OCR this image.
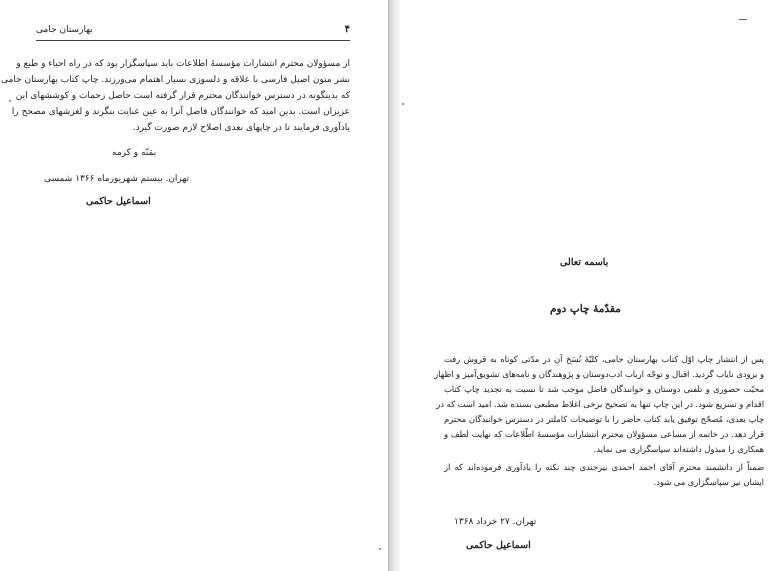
۴
بهارستان جامی
از مسؤولان محترم انتشارات مؤسسهٔ اطلاعات باید سپاسگزار بود که در راه احیاء و طبع و
نشر متون اصیل فارسی با علاقه و دلسوزی بسیار اهتمام می‌ورزند. چاپ کتاب بهارستان جامی
که بدینگونه در دسترس خوانندگان محترم قرار گرفته است حاصل زحمات و کوششهای این
عزیزان است. بدین امید که خوانندگان فاضل آنرا به عین عنایت بنگرند و لغزشهای مصحح را
یادآوری فرمایند تا در چاپهای بعدی اصلاح لازم صورت گیرد.
بمَنّه و کرمه
تهران. بیستم شهریورماه ۱۳۶۶ شمسی
اسماعیل حاکمی
باسمه تعالی
مقدّمهٔ چاپ دوم
پس از انتشار چاپ اوّل کتاب بهارستان جامی، کلیّهٔ نُسَخ آن در مدّتی کوتاه به فروش رفت
و بزودی نایاب گردید. اقبال و توجّه ارباب ادب‌دوستان و پژوهندگان و نامه‌های تشویق‌آمیز و اظهار
محبّت حضوری و تلفنی دوستان و خوانندگان فاضل موجب شد تا نسبت به تجدید چاپ کتاب
اقدام و تسریع شود. در این چاپ تنها به تصحیح برخی اغلاط مطبعی بسنده شد. امید است که در
چاپ بعدی، مُصحّح توفیق یابد کتاب حاضر را با توضیحات کاملتر در دسترس خوانندگان محترم
قرار دهد. در خاتمه از مساعی مسؤولان محترم انتشارات مؤسسهٔ اطّلاعات که نهایت لطف و
همکاری را مبذول داشته‌اند سپاسگزاری می نماید.
ضمناً از دانشمند محترم آقای احمد احمدی بیرجندی چند نکته را یادآوری فرموده‌اند که از
ایشان نیز سپاسگزاری می شود.
تهران. ۲۷ خرداد ۱۳۶۸
اسماعیل حاکمی
